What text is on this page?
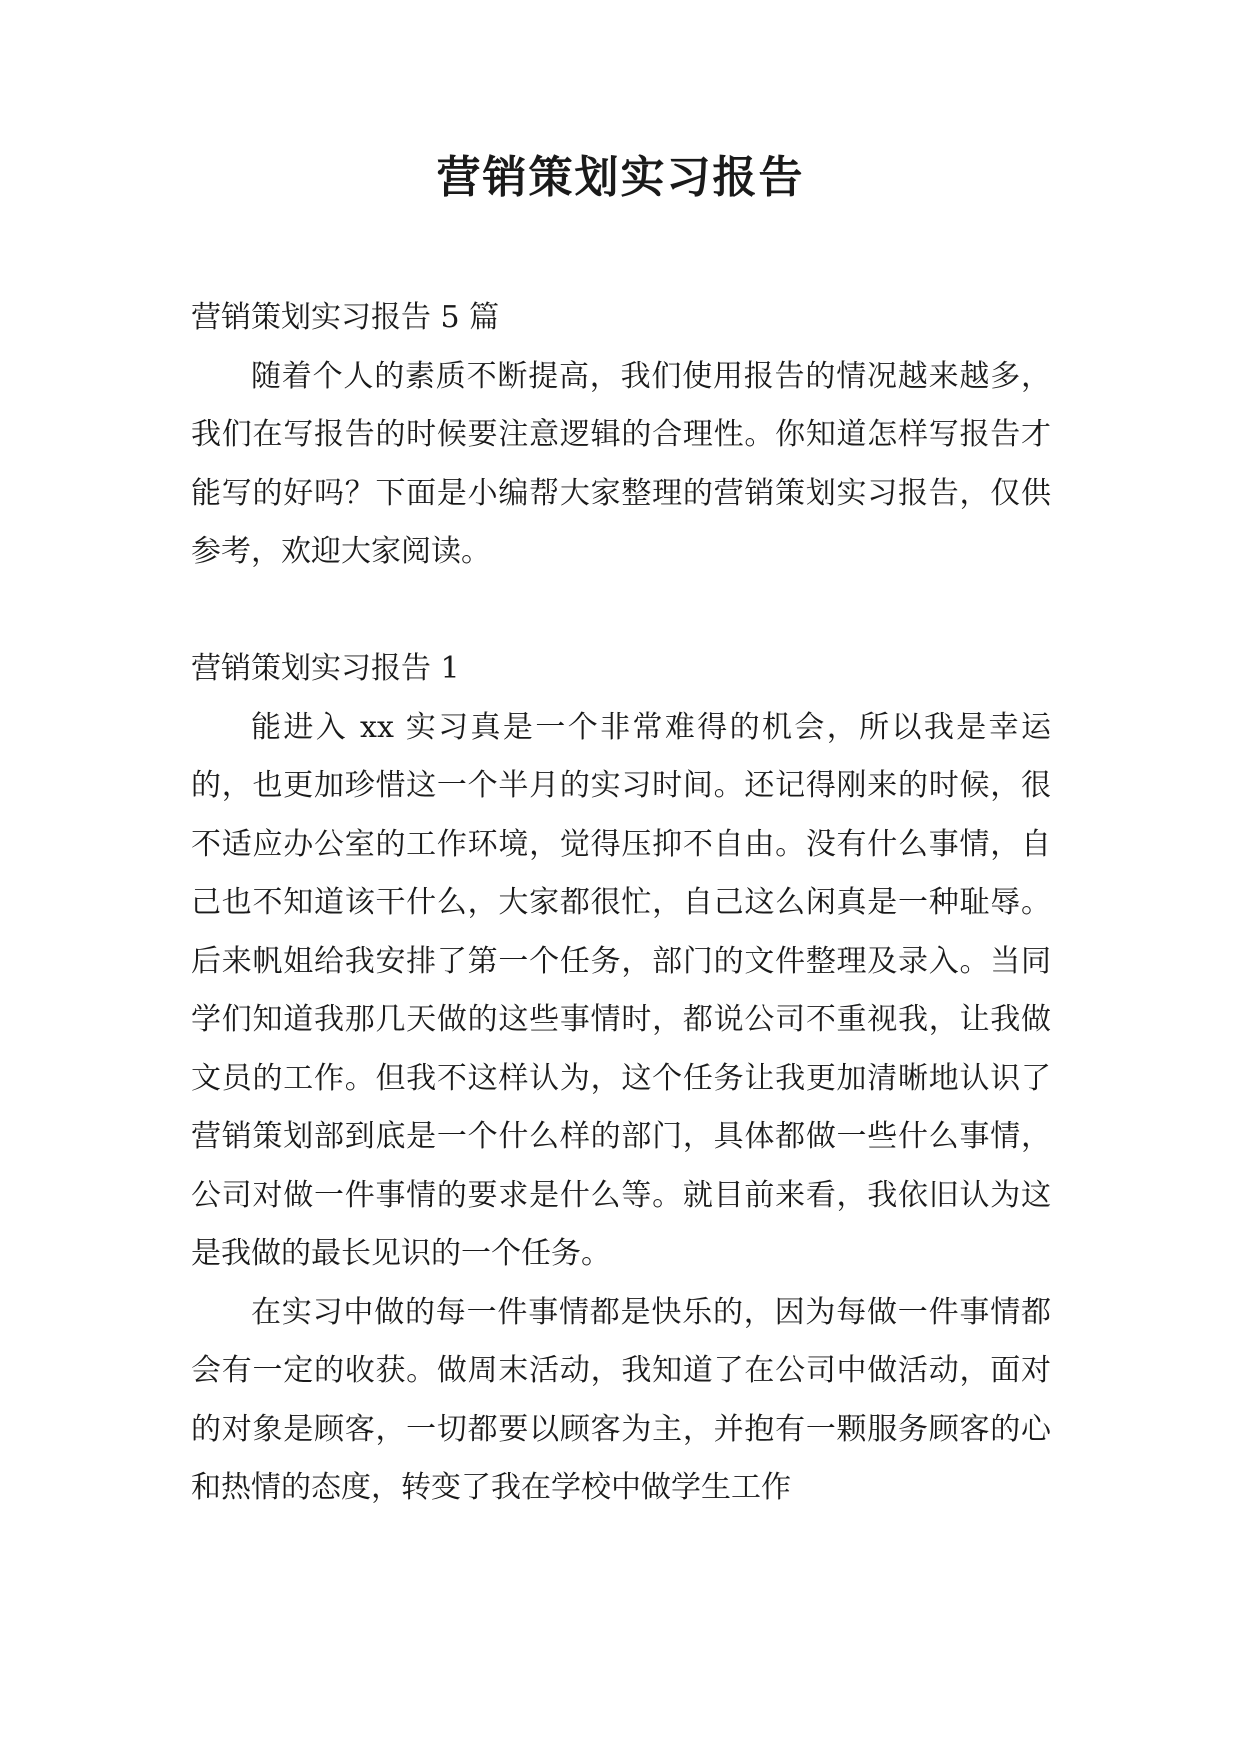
营销策划实习报告

营销策划实习报告 5 篇

随着个人的素质不断提高，我们使用报告的情况越来越多，我们在写报告的时候要注意逻辑的合理性。你知道怎样写报告才能写的好吗？下面是小编帮大家整理的营销策划实习报告，仅供参考，欢迎大家阅读。

营销策划实习报告 1

能进入 xx 实习真是一个非常难得的机会，所以我是幸运的，也更加珍惜这一个半月的实习时间。还记得刚来的时候，很不适应办公室的工作环境，觉得压抑不自由。没有什么事情，自己也不知道该干什么，大家都很忙，自己这么闲真是一种耻辱。后来帆姐给我安排了第一个任务，部门的文件整理及录入。当同学们知道我那几天做的这些事情时，都说公司不重视我，让我做文员的工作。但我不这样认为，这个任务让我更加清晰地认识了营销策划部到底是一个什么样的部门，具体都做一些什么事情，公司对做一件事情的要求是什么等。就目前来看，我依旧认为这是我做的最长见识的一个任务。

在实习中做的每一件事情都是快乐的，因为每做一件事情都会有一定的收获。做周末活动，我知道了在公司中做活动，面对的对象是顾客，一切都要以顾客为主，并抱有一颗服务顾客的心和热情的态度，转变了我在学校中做学生工作
